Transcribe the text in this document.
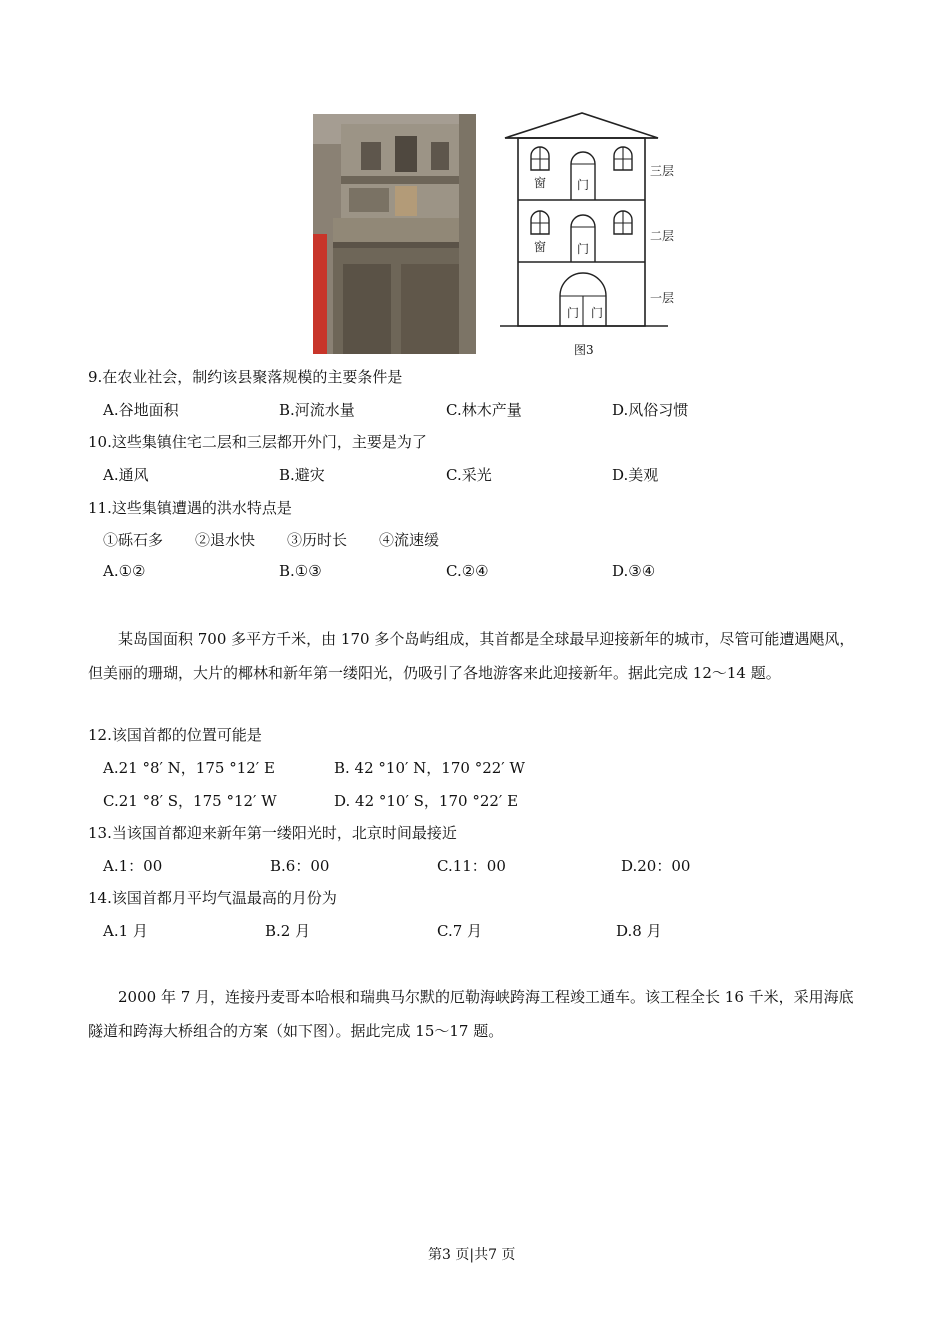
窗	门
窗	门
门 门
三层
二层
一层
图3
9.在农业社会，制约该县聚落规模的主要条件是
A.谷地面积	B.河流水量	C.林木产量	D.风俗习惯
10.这些集镇住宅二层和三层都开外门，主要是为了
A.通风	B.避灾	C.采光	D.美观
11.这些集镇遭遇的洪水特点是
①砾石多 ②退水快 ③历时长 ④流速缓
A.①②	B.①③	C.②④	D.③④
某岛国面积 700 多平方千米，由 170 多个岛屿组成，其首都是全球最早迎接新年的城市，尽管可能遭遇飓风，但美丽的珊瑚，大片的椰林和新年第一缕阳光，仍吸引了各地游客来此迎接新年。据此完成 12～14 题。
12.该国首都的位置可能是
A.21 °8′ N，175 °12′ E	B. 42 °10′ N，170 °22′ W
C.21 °8′ S，175 °12′ W	D. 42 °10′ S，170 °22′ E
13.当该国首都迎来新年第一缕阳光时，北京时间最接近
A.1：00	B.6：00	C.11：00	D.20：00
14.该国首都月平均气温最高的月份为
A.1 月	B.2 月	C.7 月	D.8 月
2000 年 7 月，连接丹麦哥本哈根和瑞典马尔默的厄勒海峡跨海工程竣工通车。该工程全长 16 千米，采用海底隧道和跨海大桥组合的方案（如下图）。据此完成 15～17 题。
第3 页|共7 页
